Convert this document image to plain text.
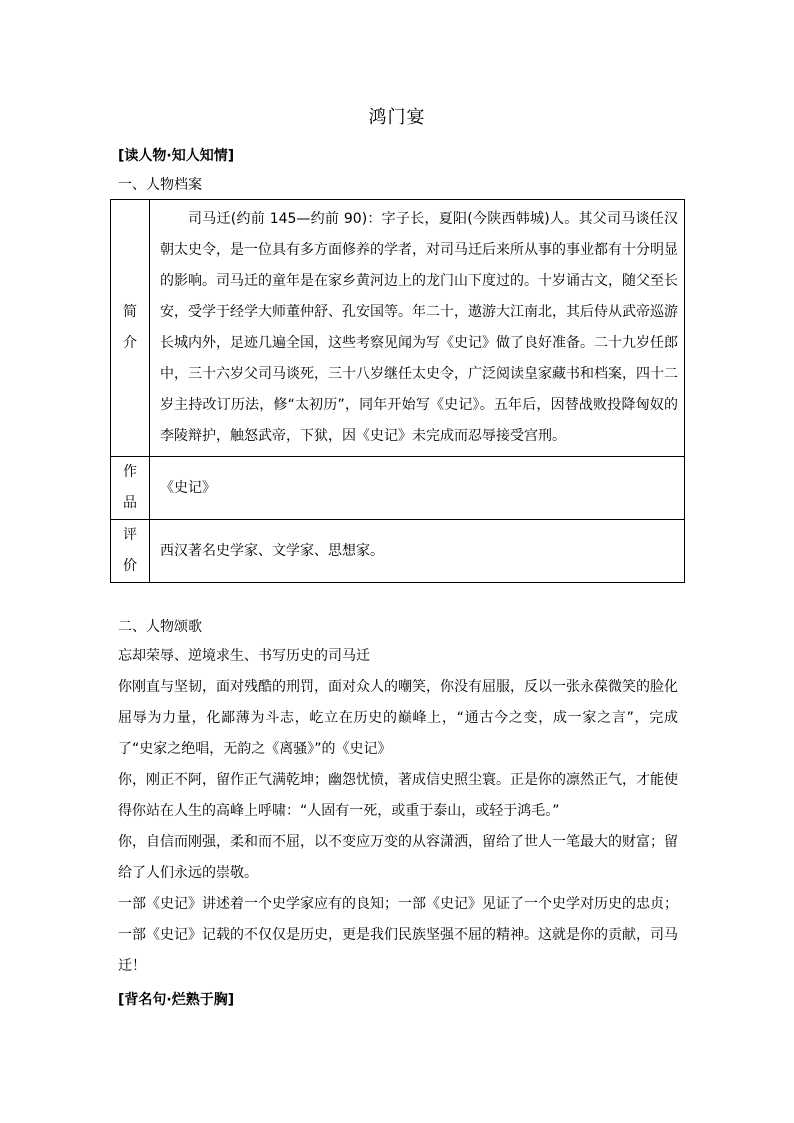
鸿门宴
[读人物·知人知情]
一、人物档案
简
介	司马迁(约前 145—约前 90)：字子长，夏阳(今陕西韩城)人。其父司马谈任汉朝太史令，是一位具有多方面修养的学者，对司马迁后来所从事的事业都有十分明显的影响。司马迁的童年是在家乡黄河边上的龙门山下度过的。十岁诵古文，随父至长安，受学于经学大师董仲舒、孔安国等。年二十，遨游大江南北，其后侍从武帝巡游长城内外，足迹几遍全国，这些考察见闻为写《史记》做了良好准备。二十九岁任郎中，三十六岁父司马谈死，三十八岁继任太史令，广泛阅读皇家藏书和档案，四十二岁主持改订历法，修“太初历”，同年开始写《史记》。五年后，因替战败投降匈奴的李陵辩护，触怒武帝，下狱，因《史记》未完成而忍辱接受宫刑。

作
品	《史记》

评
价	西汉著名史学家、文学家、思想家。
二、人物颂歌

忘却荣辱、逆境求生、书写历史的司马迁

你刚直与坚韧，面对残酷的刑罚，面对众人的嘲笑，你没有屈服，反以一张永葆微笑的脸化屈辱为力量，化鄙薄为斗志，屹立在历史的巅峰上，“通古今之变，成一家之言”，完成了“史家之绝唱，无韵之《离骚》”的《史记》

你，刚正不阿，留作正气满乾坤；幽怨忧愤，著成信史照尘寰。正是你的凛然正气，才能使得你站在人生的高峰上呼啸：“人固有一死，或重于泰山，或轻于鸿毛。”

你，自信而刚强，柔和而不屈，以不变应万变的从容潇洒，留给了世人一笔最大的财富；留给了人们永远的崇敬。

一部《史记》讲述着一个史学家应有的良知；一部《史记》见证了一个史学对历史的忠贞；一部《史记》记载的不仅仅是历史，更是我们民族坚强不屈的精神。这就是你的贡献，司马迁！

[背名句·烂熟于胸]
